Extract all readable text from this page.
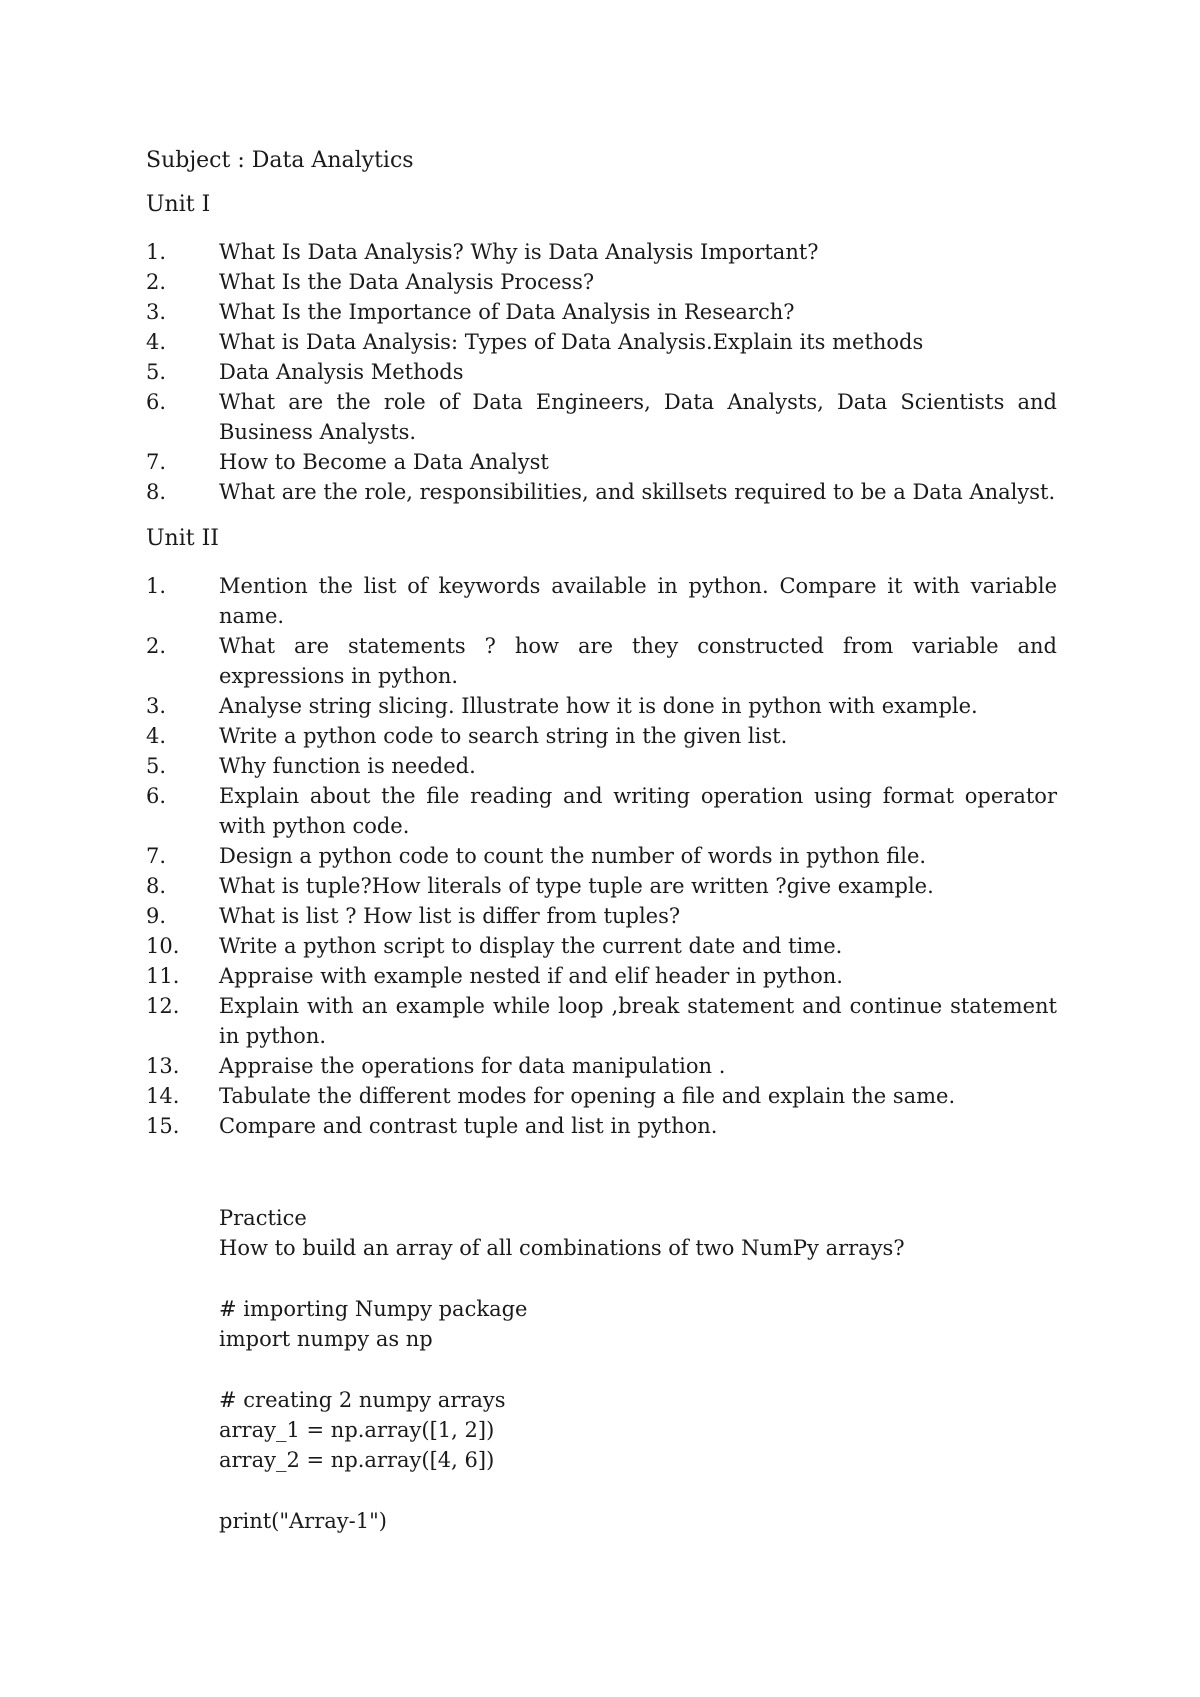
Subject : Data Analytics
Unit I
1.	What Is Data Analysis? Why is Data Analysis Important?
2.	What Is the Data Analysis Process?
3.	What Is the Importance of Data Analysis in Research?
4.	What is Data Analysis: Types of Data Analysis.Explain its methods
5.	Data Analysis Methods
6.	What are the role of Data Engineers, Data Analysts, Data Scientists and Business Analysts.
7.	How to Become a Data Analyst
8.	What are the role, responsibilities, and skillsets required to be a Data Analyst.
Unit II
1.	Mention the list of keywords available in python. Compare it with variable name.
2.	What are statements ? how are they constructed from variable and expressions in python.
3.	Analyse string slicing. Illustrate how it is done in python with example.
4.	Write a python code to search string in the given list.
5.	Why function is needed.
6.	Explain about the file reading and writing operation using format operator with python code.
7.	Design a python code to count the number of words in python file.
8.	What is tuple?How literals of type tuple are written ?give example.
9.	What is list ? How list is differ from tuples?
10.	Write a python script to display the current date and time.
11.	Appraise with example nested if and elif header in python.
12.	Explain with an example while loop ,break statement and continue statement in python.
13.	Appraise the operations for data manipulation .
14.	Tabulate the different modes for opening a file and explain the same.
15.	Compare and contrast tuple and list in python.
Practice
How to build an array of all combinations of two NumPy arrays?
# importing Numpy package
import numpy as np
# creating 2 numpy arrays
array_1 = np.array([1, 2])
array_2 = np.array([4, 6])
print("Array-1")
